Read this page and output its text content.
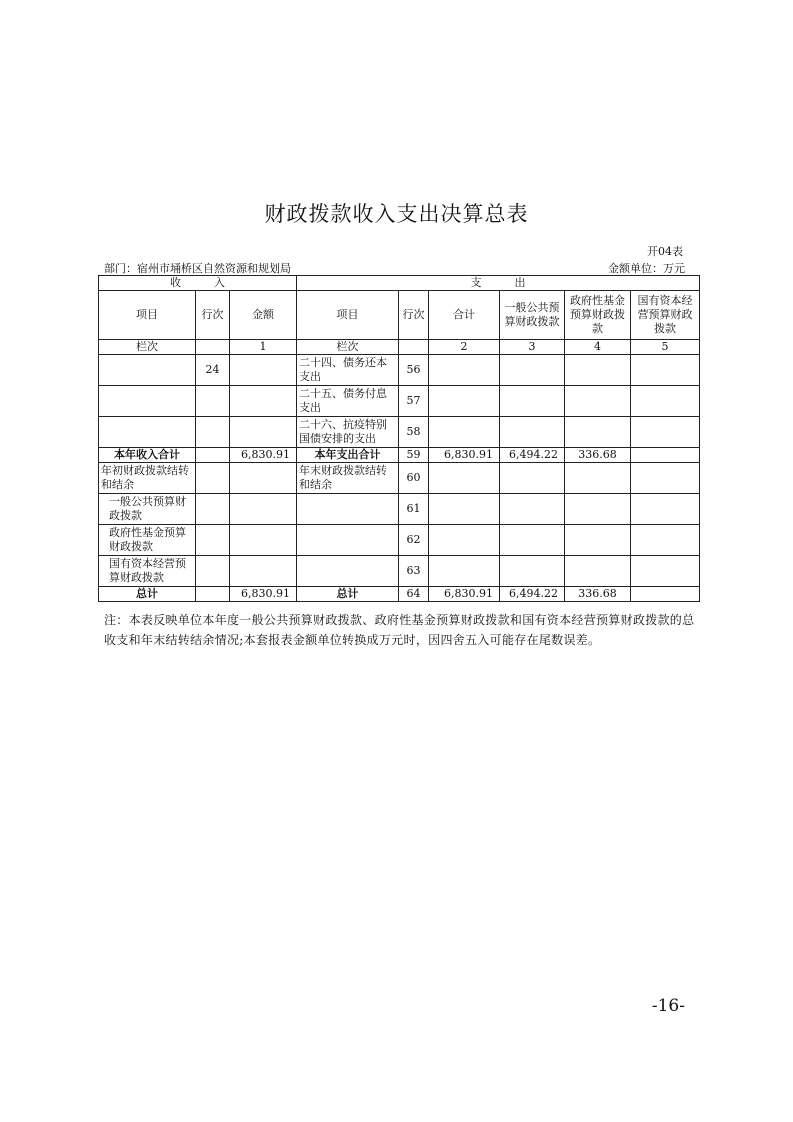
财政拨款收入支出决算总表
开04表
部门：宿州市埇桥区自然资源和规划局	金额单位：万元
收　　　入			支　　　出					
项目	行次	金额	项目	行次	合计	一般公共预算财政拨款	政府性基金预算财政拨款	国有资本经营预算财政拨款
栏次		1	栏次		2	3	4	5
	24		二十四、债务还本支出	56				
			二十五、债务付息支出	57				
			二十六、抗疫特别国债安排的支出	58				
本年收入合计		6,830.91	本年支出合计	59	6,830.91	6,494.22	336.68	
年初财政拨款结转和结余			年末财政拨款结转和结余	60				
一般公共预算财政拨款				61				
政府性基金预算财政拨款				62				
国有资本经营预算财政拨款				63				
总计		6,830.91	总计	64	6,830.91	6,494.22	336.68	
注：本表反映单位本年度一般公共预算财政拨款、政府性基金预算财政拨款和国有资本经营预算财政拨款的总收支和年末结转结余情况;本套报表金额单位转换成万元时，因四舍五入可能存在尾数误差。
-16-
